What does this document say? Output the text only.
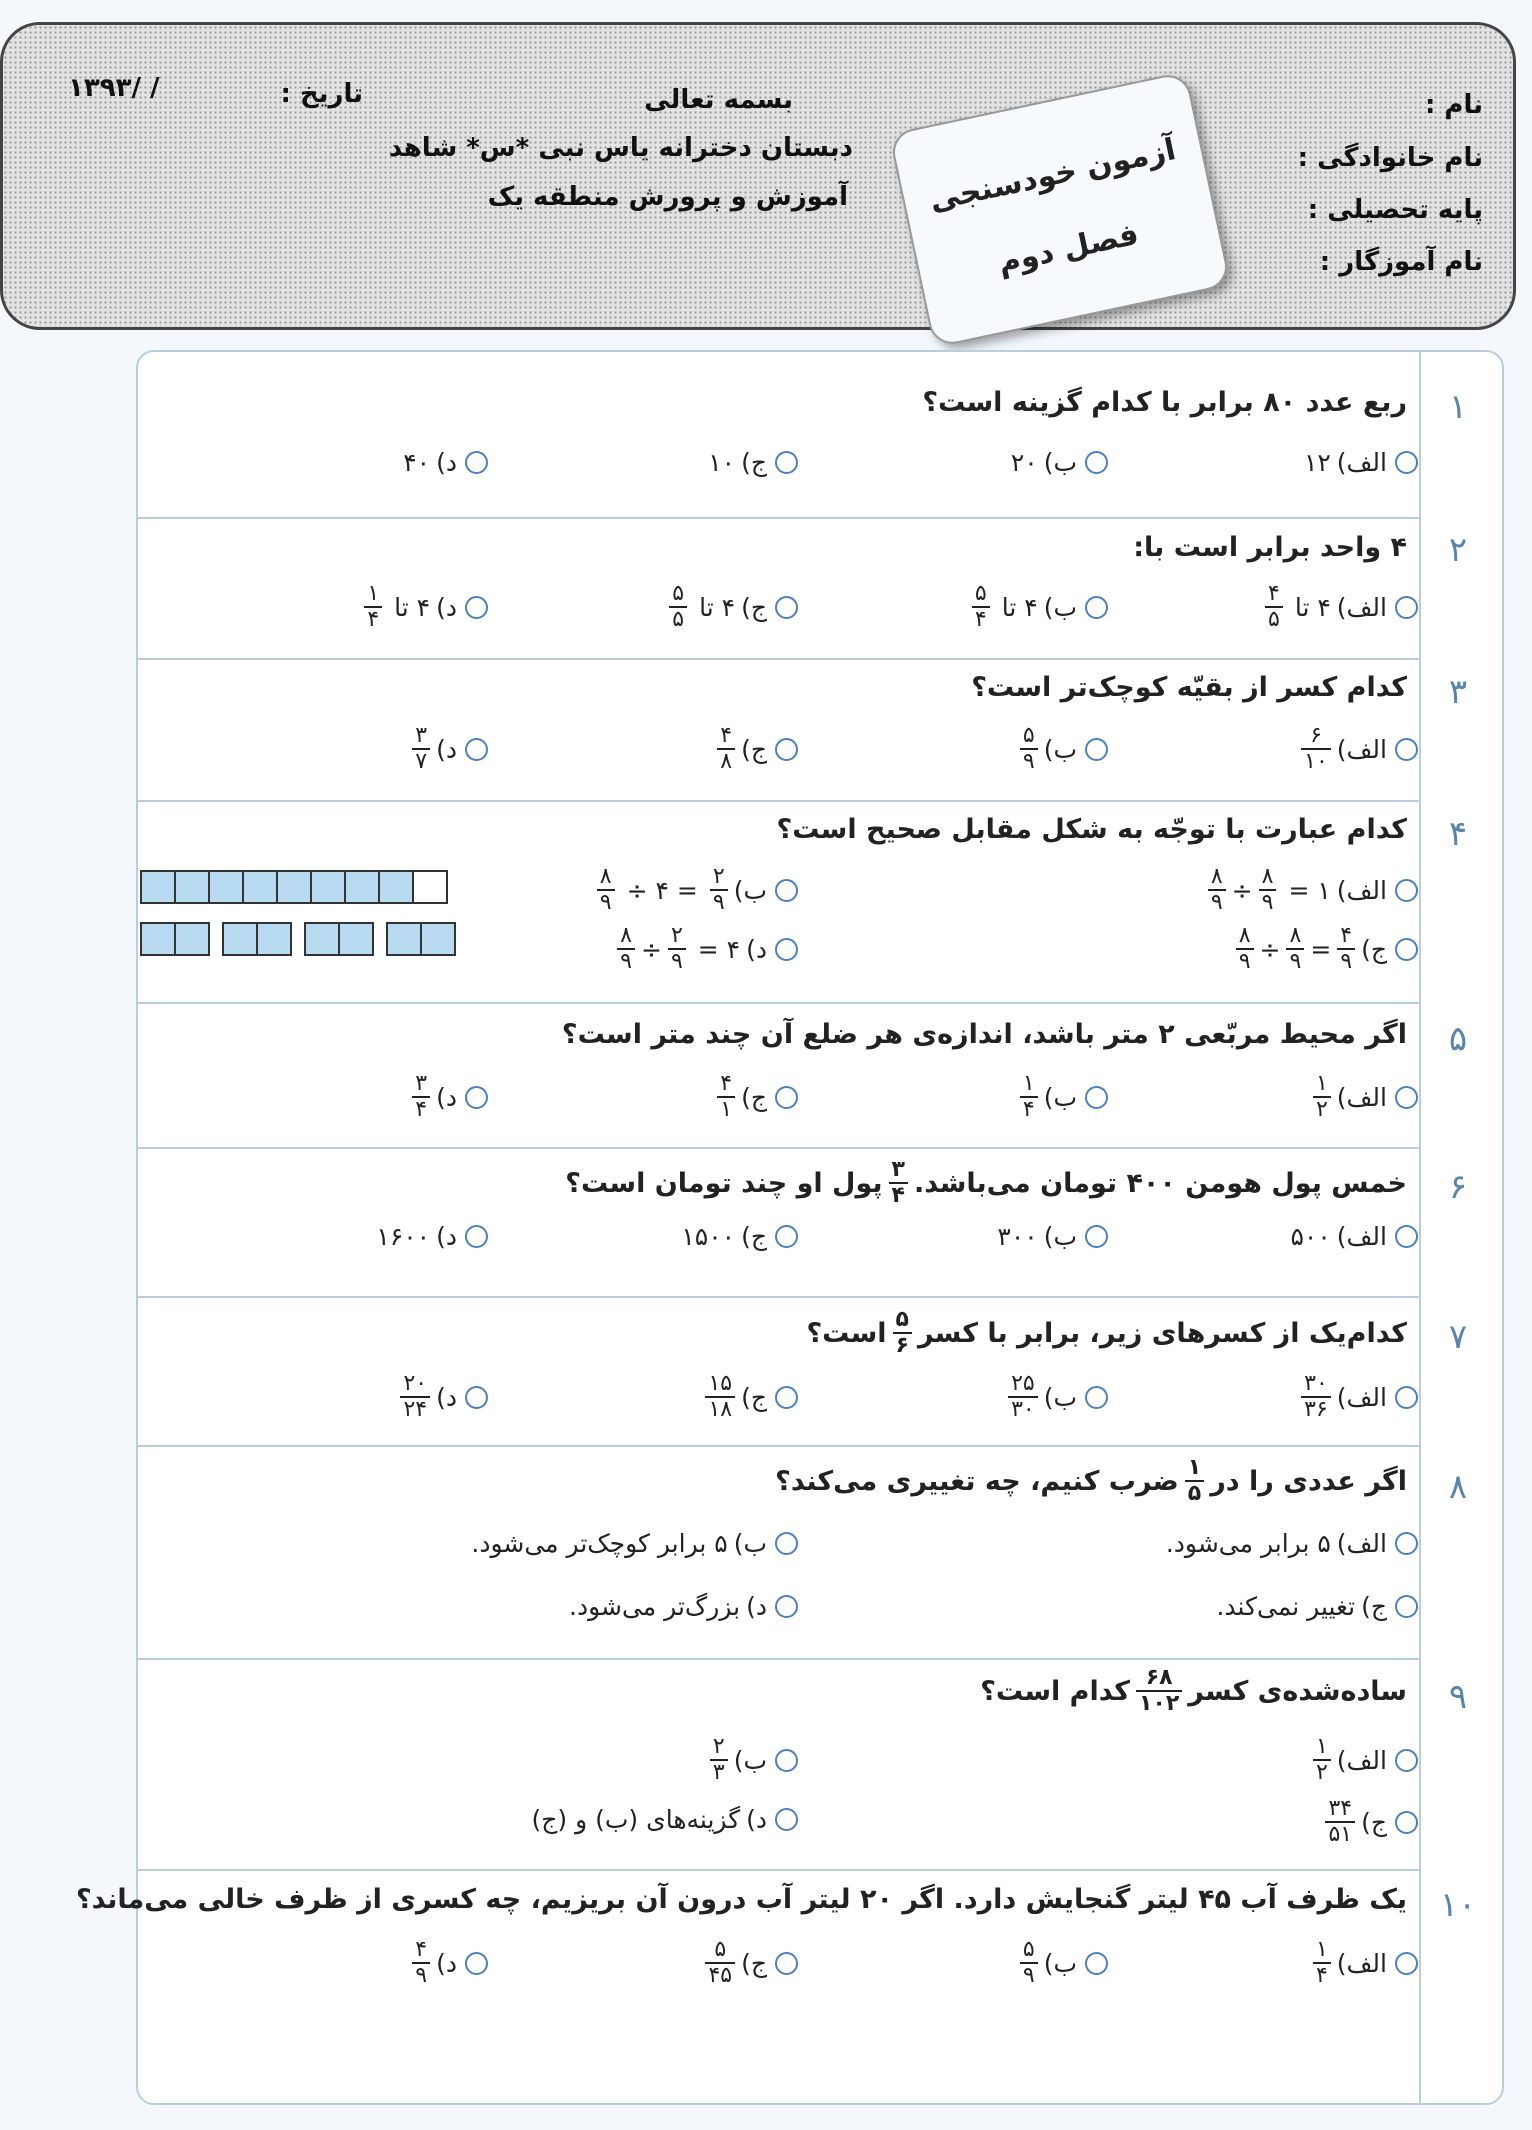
نام :
نام خانوادگی :
پایه تحصیلی :
نام آموزگار :
بسمه تعالی
دبستان دخترانه یاس نبی *س* شاهد
آموزش و پرورش منطقه یک
تاریخ :
۱۳۹۳/ /
آزمون خودسنجی
فصل دوم
۱
ربع عدد ۸۰ برابر با کدام گزینه است؟
الف)
۱۲
ب)
۲۰
ج)
۱۰
د)
۴۰
۲
۴ واحد برابر است با:
الف)
۴ تا
$\frac{۴}{۵}$
ب)
۴ تا
$\frac{۵}{۴}$
ج)
۴ تا
$\frac{۵}{۵}$
د)
۴ تا
$\frac{۱}{۴}$
۳
کدام کسر از بقیّه کوچک‌تر است؟
الف)
$\frac{۶}{۱۰}$
ب)
$\frac{۵}{۹}$
ج)
$\frac{۴}{۸}$
د)
$\frac{۳}{۷}$
۴
کدام عبارت با توجّه به شکل مقابل صحیح است؟
الف)
۱ =
$\frac{۸}{۹}$
÷
$\frac{۸}{۹}$
ب)
$\frac{۲}{۹}$
= ۴ ÷
$\frac{۸}{۹}$
ج)
$\frac{۴}{۹}$
=
$\frac{۸}{۹}$
÷
$\frac{۸}{۹}$
د)
۴ =
$\frac{۲}{۹}$
÷
$\frac{۸}{۹}$
۵
اگر محیط مربّعی ۲ متر باشد، اندازه‌ی هر ضلع آن چند متر است؟
الف)
$\frac{۱}{۲}$
ب)
$\frac{۱}{۴}$
ج)
$\frac{۴}{۱}$
د)
$\frac{۳}{۴}$
۶
خمس پول هومن ۴۰۰ تومان می‌باشد.
$\frac{۳}{۴}$
پول او چند تومان است؟
الف)
۵۰۰
ب)
۳۰۰
ج)
۱۵۰۰
د)
۱۶۰۰
۷
کدام‌یک از کسرهای زیر، برابر با کسر
$\frac{۵}{۶}$
است؟
الف)
$\frac{۳۰}{۳۶}$
ب)
$\frac{۲۵}{۳۰}$
ج)
$\frac{۱۵}{۱۸}$
د)
$\frac{۲۰}{۲۴}$
۸
اگر عددی را در
$\frac{۱}{۵}$
ضرب کنیم، چه تغییری می‌کند؟
الف)
۵ برابر می‌شود.
ب)
۵ برابر کوچک‌تر می‌شود.
ج)
تغییر نمی‌کند.
د)
بزرگ‌تر می‌شود.
۹
ساده‌شده‌ی کسر
$\frac{۶۸}{۱۰۲}$
کدام است؟
الف)
$\frac{۱}{۲}$
ب)
$\frac{۲}{۳}$
ج)
$\frac{۳۴}{۵۱}$
د)
گزینه‌های (ب) و (ج)
۱۰
یک ظرف آب ۴۵ لیتر گنجایش دارد. اگر ۲۰ لیتر آب درون آن بریزیم، چه کسری از ظرف خالی می‌ماند؟
الف)
$\frac{۱}{۴}$
ب)
$\frac{۵}{۹}$
ج)
$\frac{۵}{۴۵}$
د)
$\frac{۴}{۹}$
